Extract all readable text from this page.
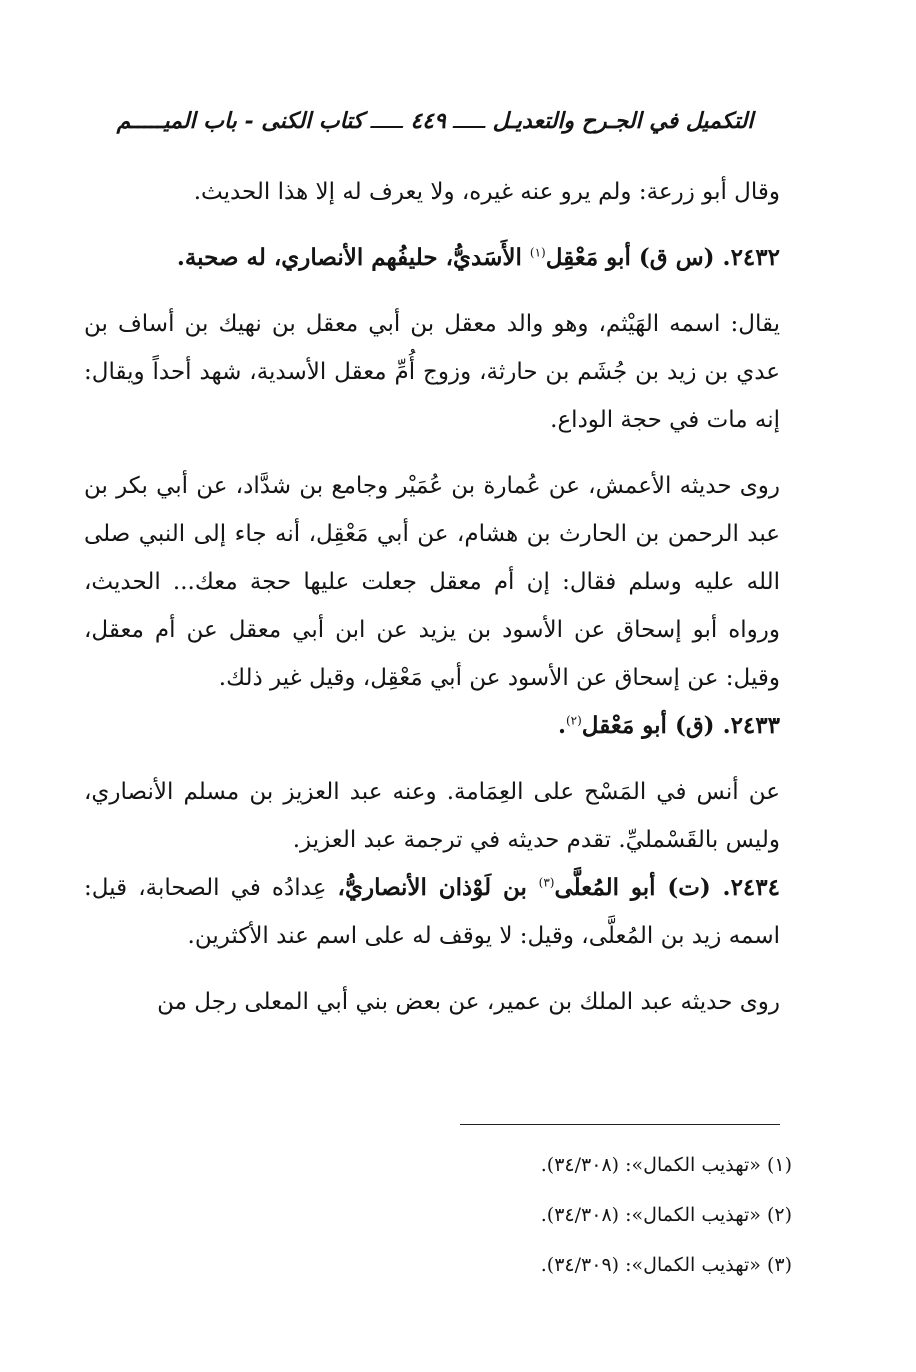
التكميل في الجـرح والتعديـل ـــــ ٤٤٩ ـــــ كتاب الكنى - باب الميـــــم

وقال أبو زرعة: ولم يرو عنه غيره، ولا يعرف له إلا هذا الحديث.

٢٤٣٢. (س ق) أبو مَعْقِل$^{(١)}$ الأَسَديُّ، حليفُهم الأنصاري، له صحبة.

يقال: اسمه الهَيْثم، وهو والد معقل بن أبي معقل بن نهيك بن أساف بن عدي بن زيد بن جُشَم بن حارثة، وزوج أُمِّ معقل الأسدية، شهد أحداً ويقال: إنه مات في حجة الوداع.

روى حديثه الأعمش، عن عُمارة بن عُمَيْر وجامع بن شدَّاد، عن أبي بكر بن عبد الرحمن بن الحارث بن هشام، عن أبي مَعْقِل، أنه جاء إلى النبي صلى الله عليه وسلم فقال: إن أم معقل جعلت عليها حجة معك... الحديث، ورواه أبو إسحاق عن الأسود بن يزيد عن ابن أبي معقل عن أم معقل، وقيل: عن إسحاق عن الأسود عن أبي مَعْقِل، وقيل غير ذلك.

٢٤٣٣. (ق) أبو مَعْقل$^{(٢)}$.

عن أنس في المَسْح على العِمَامة. وعنه عبد العزيز بن مسلم الأنصاري، وليس بالقَسْمليِّ. تقدم حديثه في ترجمة عبد العزيز.

٢٤٣٤. (ت) أبو المُعلَّى$^{(٣)}$ بن لَوْذان الأنصاريُّ، عِدادُه في الصحابة، قيل: اسمه زيد بن المُعلَّى، وقيل: لا يوقف له على اسم عند الأكثرين.

روى حديثه عبد الملك بن عمير، عن بعض بني أبي المعلى رجل من

(١) «تهذيب الكمال»: (٣٤/٣٠٨).

(٢) «تهذيب الكمال»: (٣٤/٣٠٨).

(٣) «تهذيب الكمال»: (٣٤/٣٠٩).
